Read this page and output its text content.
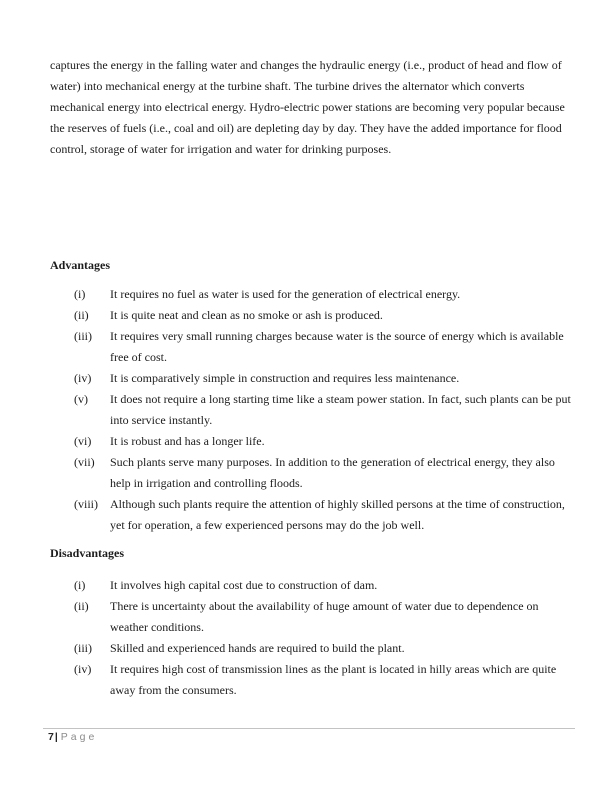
captures the energy in the falling water and changes the hydraulic energy (i.e., product of head and flow of
water) into mechanical energy at the turbine shaft. The turbine drives the alternator which converts
mechanical energy into electrical energy. Hydro-electric power stations are becoming very popular because
the reserves of fuels (i.e., coal and oil) are depleting day by day. They have the added importance for flood
control, storage of water for irrigation and water for drinking purposes.
Advantages
(i) It requires no fuel as water is used for the generation of electrical energy.
(ii) It is quite neat and clean as no smoke or ash is produced.
(iii) It requires very small running charges because water is the source of energy which is available
free of cost.
(iv) It is comparatively simple in construction and requires less maintenance.
(v) It does not require a long starting time like a steam power station. In fact, such plants can be put
into service instantly.
(vi) It is robust and has a longer life.
(vii) Such plants serve many purposes. In addition to the generation of electrical energy, they also
help in irrigation and controlling floods.
(viii) Although such plants require the attention of highly skilled persons at the time of construction,
yet for operation, a few experienced persons may do the job well.
Disadvantages
(i) It involves high capital cost due to construction of dam.
(ii) There is uncertainty about the availability of huge amount of water due to dependence on
weather conditions.
(iii) Skilled and experienced hands are required to build the plant.
(iv) It requires high cost of transmission lines as the plant is located in hilly areas which are quite
away from the consumers.
7| Page
